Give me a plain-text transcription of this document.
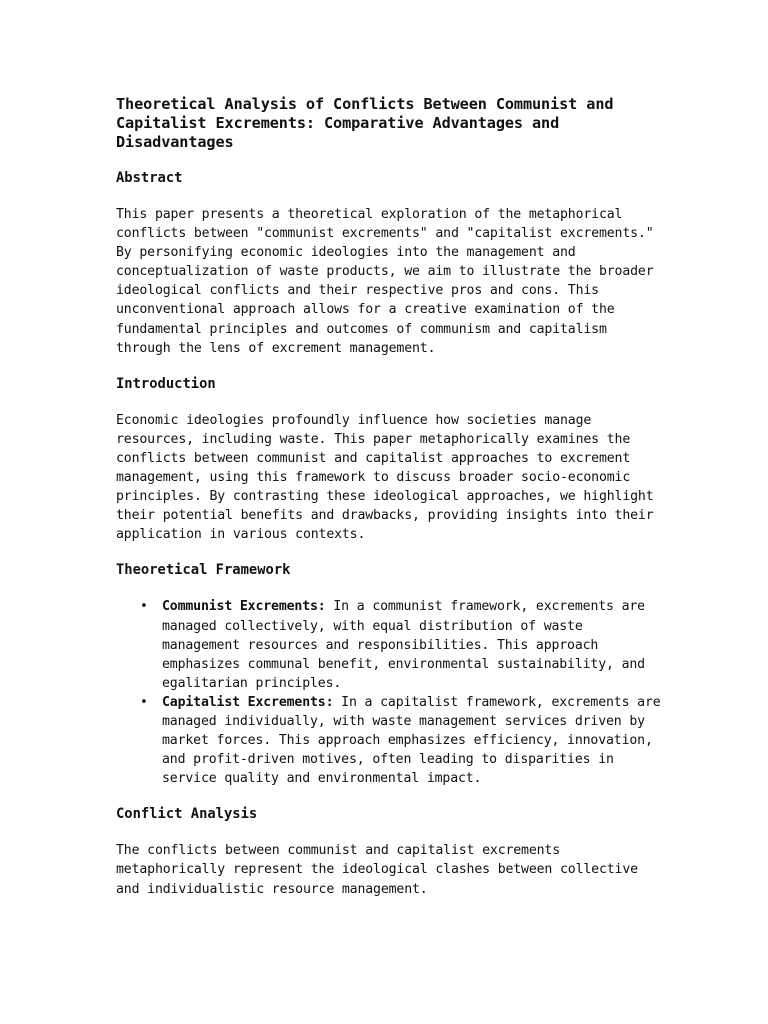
Theoretical Analysis of Conflicts Between Communist and Capitalist Excrements: Comparative Advantages and Disadvantages
Abstract

This paper presents a theoretical exploration of the metaphorical conflicts between "communist excrements" and "capitalist excrements." By personifying economic ideologies into the management and conceptualization of waste products, we aim to illustrate the broader ideological conflicts and their respective pros and cons. This unconventional approach allows for a creative examination of the fundamental principles and outcomes of communism and capitalism through the lens of excrement management.

Introduction

Economic ideologies profoundly influence how societies manage resources, including waste. This paper metaphorically examines the conflicts between communist and capitalist approaches to excrement management, using this framework to discuss broader socio-economic principles. By contrasting these ideological approaches, we highlight their potential benefits and drawbacks, providing insights into their application in various contexts.

Theoretical Framework
• Communist Excrements: In a communist framework, excrements are managed collectively, with equal distribution of waste management resources and responsibilities. This approach emphasizes communal benefit, environmental sustainability, and egalitarian principles.
• Capitalist Excrements: In a capitalist framework, excrements are managed individually, with waste management services driven by market forces. This approach emphasizes efficiency, innovation, and profit-driven motives, often leading to disparities in service quality and environmental impact.
Conflict Analysis

The conflicts between communist and capitalist excrements metaphorically represent the ideological clashes between collective and individualistic resource management.
